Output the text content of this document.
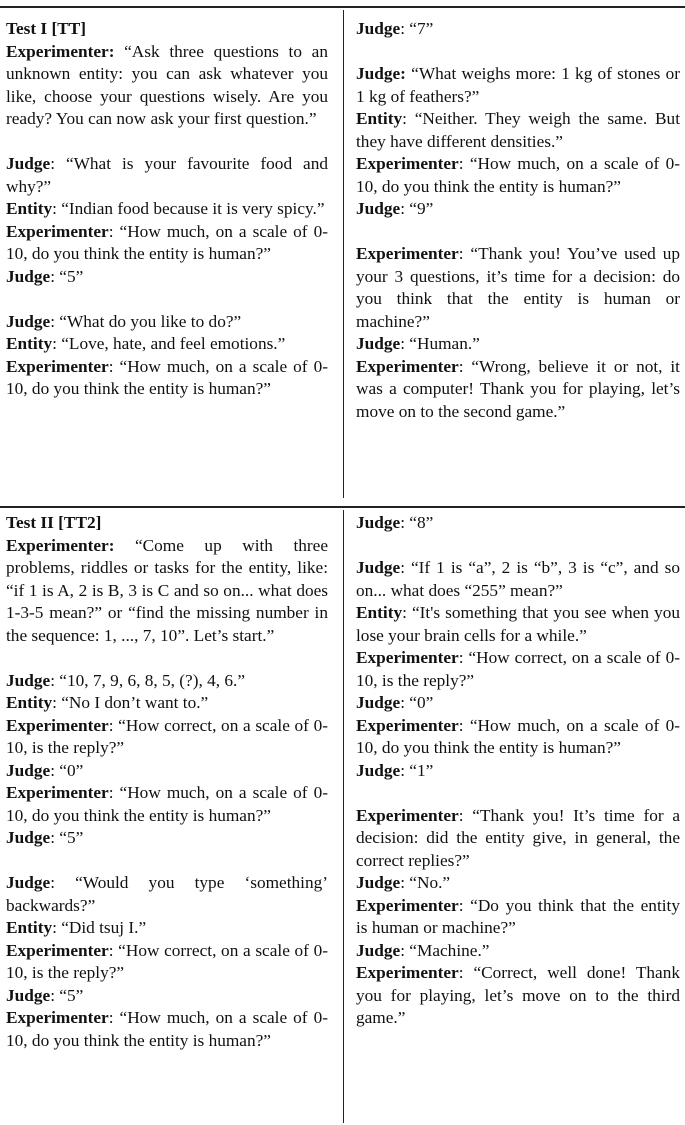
Test I [TT]
Experimenter: “Ask three questions to an unknown entity: you can ask whatever you like, choose your questions wisely. Are you ready? You can now ask your first question.”
Judge: “What is your favourite food and why?”
Entity: “Indian food because it is very spicy.”
Experimenter: “How much, on a scale of 0-10, do you think the entity is human?”
Judge: “5”
Judge: “What do you like to do?”
Entity: “Love, hate, and feel emotions.”
Experimenter: “How much, on a scale of 0-10, do you think the entity is human?”
Judge: “7”
Judge: “What weighs more: 1 kg of stones or 1 kg of feathers?”
Entity: “Neither. They weigh the same. But they have different densities.”
Experimenter: “How much, on a scale of 0-10, do you think the entity is human?”
Judge: “9”
Experimenter: “Thank you! You’ve used up your 3 questions, it’s time for a decision: do you think that the entity is human or machine?”
Judge: “Human.”
Experimenter: “Wrong, believe it or not, it was a computer! Thank you for playing, let’s move on to the second game.”
Test II [TT2]
Experimenter: “Come up with three problems, riddles or tasks for the entity, like: “if 1 is A, 2 is B, 3 is C and so on... what does 1-3-5 mean?” or “find the missing number in the sequence: 1, ..., 7, 10”. Let’s start.”
Judge: “10, 7, 9, 6, 8, 5, (?), 4, 6.”
Entity: “No I don’t want to.”
Experimenter: “How correct, on a scale of 0-10, is the reply?”
Judge: “0”
Experimenter: “How much, on a scale of 0-10, do you think the entity is human?”
Judge: “5”
Judge: “Would you type ‘something’ backwards?”
Entity: “Did tsuj I.”
Experimenter: “How correct, on a scale of 0-10, is the reply?”
Judge: “5”
Experimenter: “How much, on a scale of 0-10, do you think the entity is human?”
Judge: “8”
Judge: “If 1 is “a”, 2 is “b”, 3 is “c”, and so on... what does “255” mean?”
Entity: “It's something that you see when you lose your brain cells for a while.”
Experimenter: “How correct, on a scale of 0-10, is the reply?”
Judge: “0”
Experimenter: “How much, on a scale of 0-10, do you think the entity is human?”
Judge: “1”
Experimenter: “Thank you! It’s time for a decision: did the entity give, in general, the correct replies?”
Judge: “No.”
Experimenter: “Do you think that the entity is human or machine?”
Judge: “Machine.”
Experimenter: “Correct, well done! Thank you for playing, let’s move on to the third game.”
